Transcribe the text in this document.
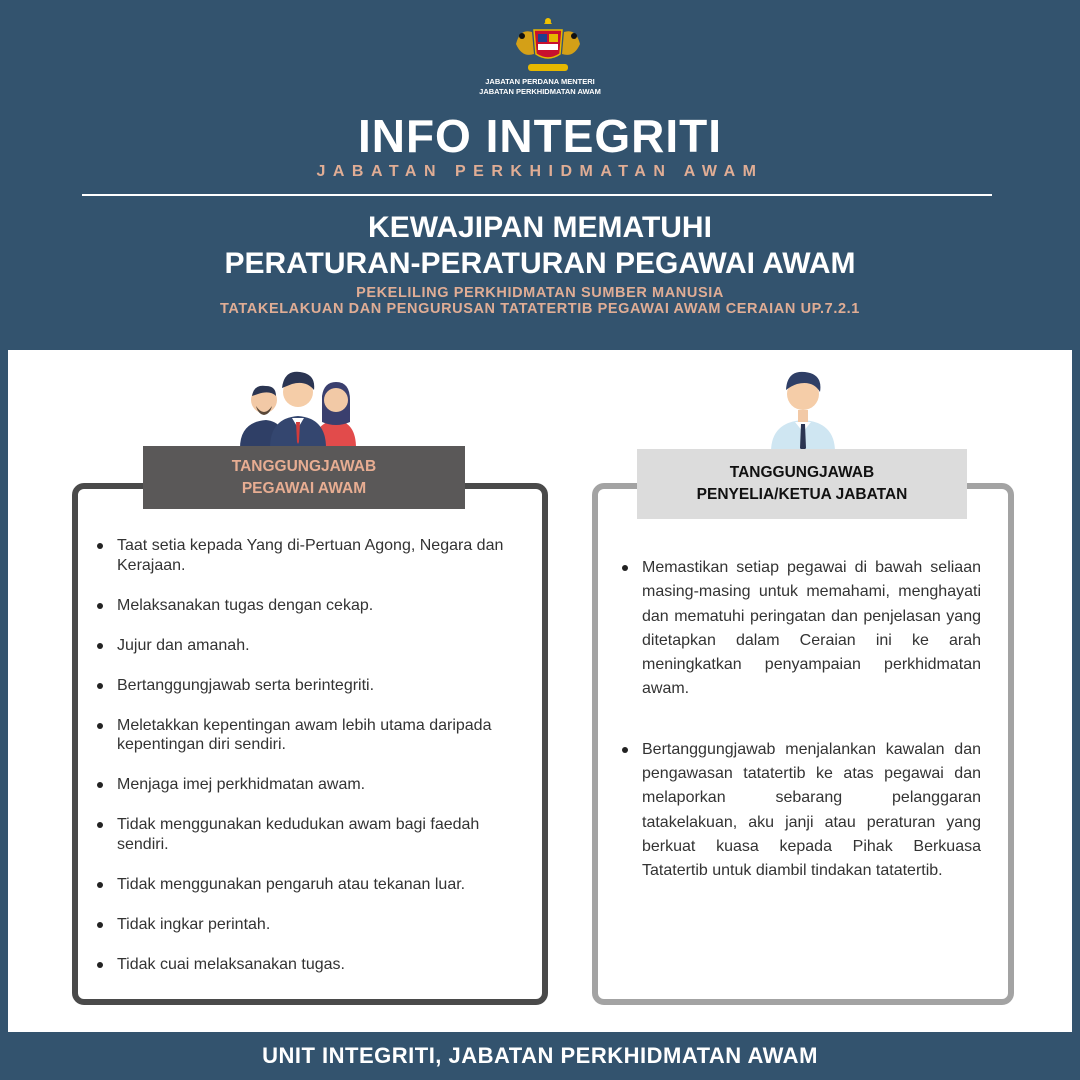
JABATAN PERDANA MENTERI
JABATAN PERKHIDMATAN AWAM
INFO INTEGRITI
JABATAN PERKHIDMATAN AWAM
KEWAJIPAN MEMATUHI
PERATURAN-PERATURAN PEGAWAI AWAM
PEKELILING PERKHIDMATAN SUMBER MANUSIA
TATAKELAKUAN DAN PENGURUSAN TATATERTIB PEGAWAI AWAM CERAIAN UP.7.2.1
TANGGUNGJAWAB
PEGAWAI AWAM
Taat setia kepada Yang di-Pertuan Agong, Negara dan Kerajaan.
Melaksanakan tugas dengan cekap.
Jujur dan amanah.
Bertanggungjawab serta berintegriti.
Meletakkan kepentingan awam lebih utama daripada kepentingan diri sendiri.
Menjaga imej perkhidmatan awam.
Tidak menggunakan kedudukan awam bagi faedah sendiri.
Tidak menggunakan pengaruh atau tekanan luar.
Tidak ingkar perintah.
Tidak cuai melaksanakan tugas.
TANGGUNGJAWAB
PENYELIA/KETUA JABATAN
Memastikan setiap pegawai di bawah seliaan masing-masing untuk memahami, menghayati dan mematuhi peringatan dan penjelasan yang ditetapkan dalam Ceraian ini ke arah meningkatkan penyampaian perkhidmatan awam.
Bertanggungjawab menjalankan kawalan dan pengawasan tatatertib ke atas pegawai dan melaporkan sebarang pelanggaran tatakelakuan, aku janji atau peraturan yang berkuat kuasa kepada Pihak Berkuasa Tatatertib untuk diambil tindakan tatatertib.
UNIT INTEGRITI, JABATAN PERKHIDMATAN AWAM
